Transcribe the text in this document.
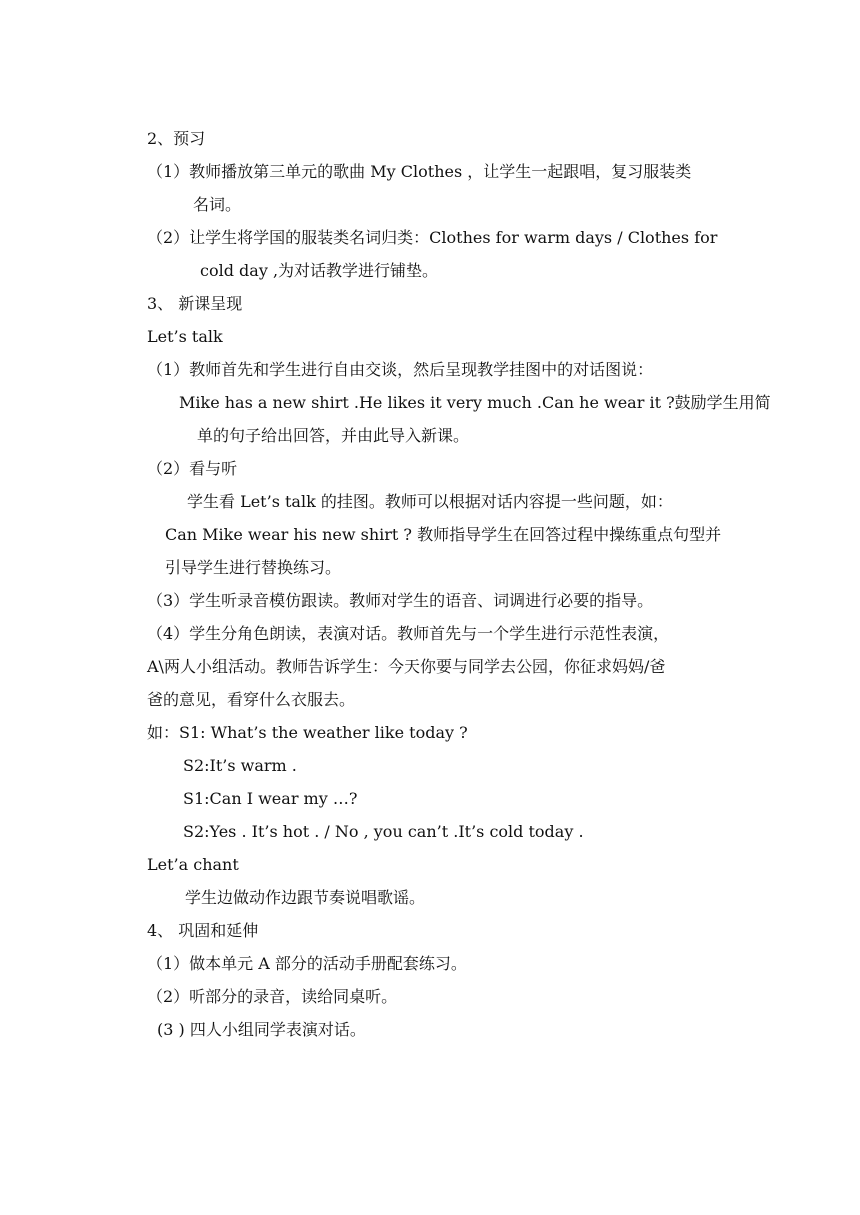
2、预习
（1）教师播放第三单元的歌曲 My Clothes ，让学生一起跟唱，复习服装类
名词。
（2）让学生将学国的服装类名词归类：Clothes for warm days / Clothes for
cold day ,为对话教学进行铺垫。
3、 新课呈现
Let’s talk
（1）教师首先和学生进行自由交谈，然后呈现教学挂图中的对话图说：
Mike has a new shirt .He likes it very much .Can he wear it ?鼓励学生用简
单的句子给出回答，并由此导入新课。
（2）看与听
学生看 Let’s talk 的挂图。教师可以根据对话内容提一些问题，如：
Can Mike wear his new shirt ? 教师指导学生在回答过程中操练重点句型并
引导学生进行替换练习。
（3）学生听录音模仿跟读。教师对学生的语音、词调进行必要的指导。
（4）学生分角色朗读，表演对话。教师首先与一个学生进行示范性表演，
A\两人小组活动。教师告诉学生：今天你要与同学去公园，你征求妈妈/爸
爸的意见，看穿什么衣服去。
如：S1: What’s the weather like today ?
S2:It’s warm .
S1:Can I wear my …?
S2:Yes . It’s hot . / No , you can’t .It’s cold today .
Let’a chant
学生边做动作边跟节奏说唱歌谣。
4、 巩固和延伸
（1）做本单元 A 部分的活动手册配套练习。
（2）听部分的录音，读给同桌听。
(3 ) 四人小组同学表演对话。
